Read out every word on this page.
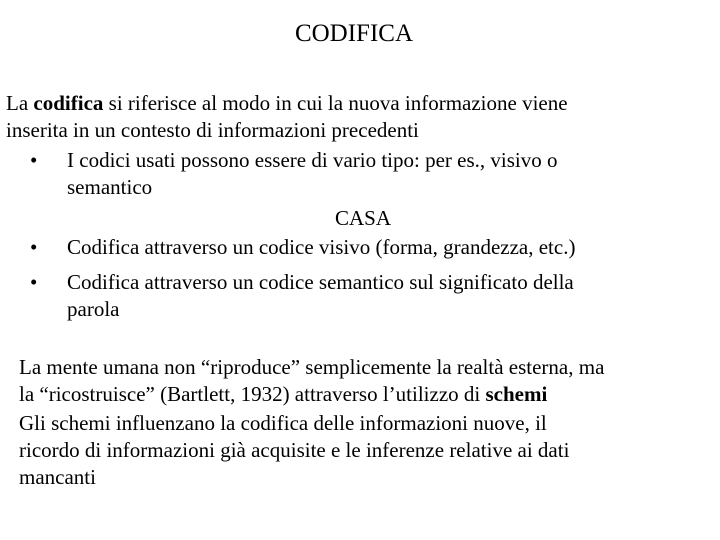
CODIFICA
La codifica si riferisce al modo in cui la nuova informazione viene
inserita in un contesto di informazioni precedenti
• I codici usati possono essere di vario tipo: per es., visivo o
semantico
CASA
• Codifica attraverso un codice visivo (forma, grandezza, etc.)
• Codifica attraverso un codice semantico sul significato della
parola
La mente umana non “riproduce” semplicemente la realtà esterna, ma
la “ricostruisce” (Bartlett, 1932) attraverso l’utilizzo di schemi
Gli schemi influenzano la codifica delle informazioni nuove, il
ricordo di informazioni già acquisite e le inferenze relative ai dati
mancanti
